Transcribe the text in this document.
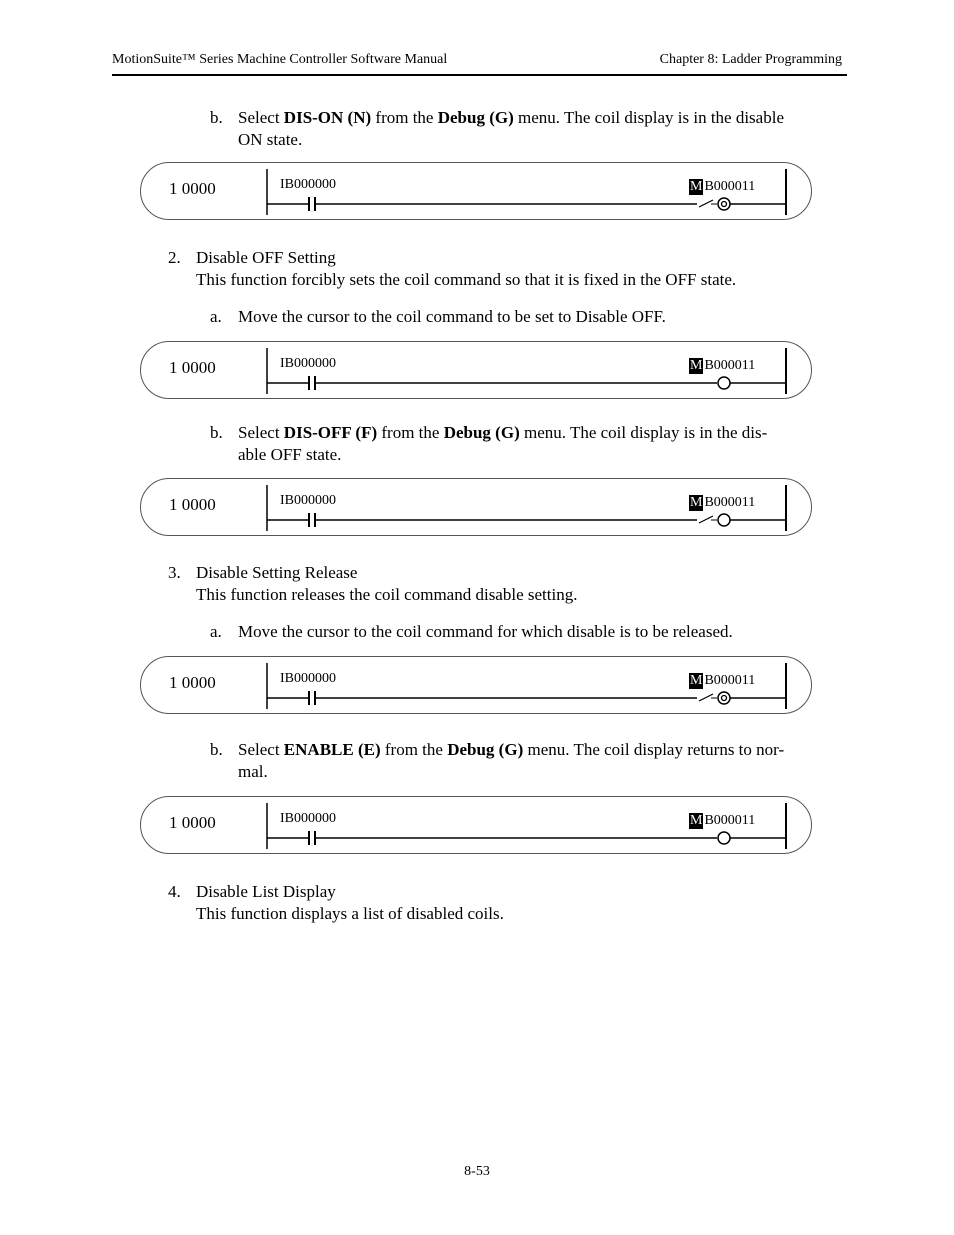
MotionSuite™ Series Machine Controller Software Manual	Chapter 8: Ladder Programming
b. Select DIS-ON (N) from the Debug (G) menu. The coil display is in the disable
ON state.
1 0000	IB000000	M B000011
2. Disable OFF Setting
This function forcibly sets the coil command so that it is fixed in the OFF state.
a. Move the cursor to the coil command to be set to Disable OFF.
1 0000	IB000000	M B000011
b. Select DIS-OFF (F) from the Debug (G) menu. The coil display is in the dis-
able OFF state.
1 0000	IB000000	M B000011
3. Disable Setting Release
This function releases the coil command disable setting.
a. Move the cursor to the coil command for which disable is to be released.
1 0000	IB000000	M B000011
b. Select ENABLE (E) from the Debug (G) menu. The coil display returns to nor-
mal.
1 0000	IB000000	M B000011
4. Disable List Display
This function displays a list of disabled coils.
8-53
